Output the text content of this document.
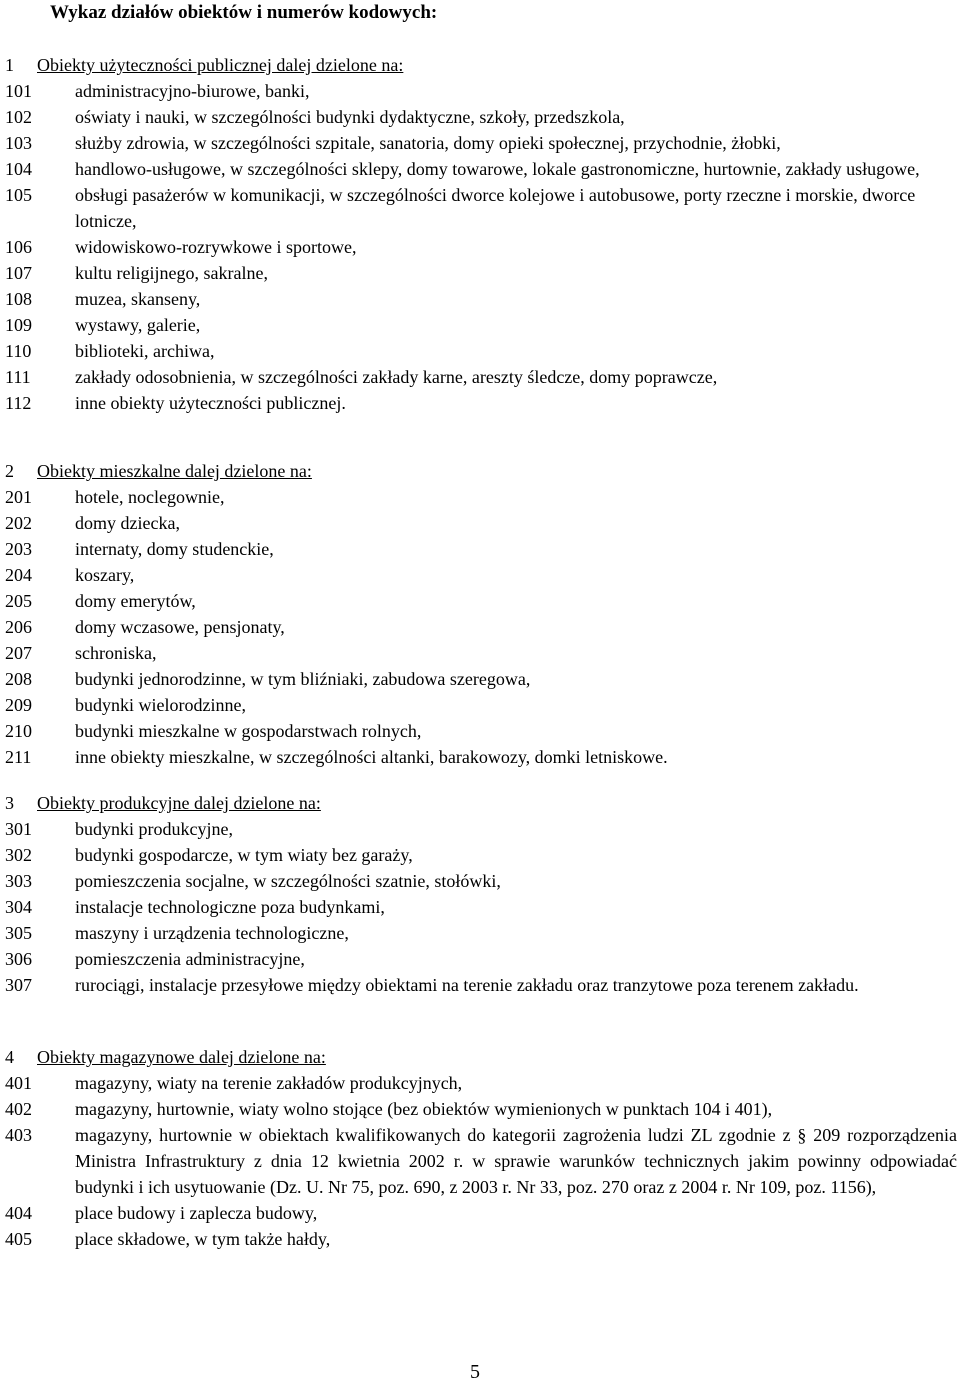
Wykaz działów obiektów i numerów kodowych:
1 Obiekty użyteczności publicznej dalej dzielone na:
101	administracyjno-biurowe, banki,
102	oświaty i nauki, w szczególności budynki dydaktyczne, szkoły, przedszkola,
103	służby zdrowia, w szczególności szpitale, sanatoria, domy opieki społecznej, przychodnie, żłobki,
104	handlowo-usługowe, w szczególności sklepy, domy towarowe, lokale gastronomiczne, hurtownie, zakłady usługowe,
105	obsługi pasażerów w komunikacji, w szczególności dworce kolejowe i autobusowe, porty rzeczne i morskie, dworce lotnicze,
106	widowiskowo-rozrywkowe i sportowe,
107	kultu religijnego, sakralne,
108	muzea, skanseny,
109	wystawy, galerie,
110	biblioteki, archiwa,
111	zakłady odosobnienia, w szczególności zakłady karne, areszty śledcze, domy poprawcze,
112	inne obiekty użyteczności publicznej.
2 Obiekty mieszkalne dalej dzielone na:
201	hotele, noclegownie,
202	domy dziecka,
203	internaty, domy studenckie,
204	koszary,
205	domy emerytów,
206	domy wczasowe, pensjonaty,
207	schroniska,
208	budynki jednorodzinne, w tym bliźniaki, zabudowa szeregowa,
209	budynki wielorodzinne,
210	budynki mieszkalne w gospodarstwach rolnych,
211	inne obiekty mieszkalne, w szczególności altanki, barakowozy, domki letniskowe.
3 Obiekty produkcyjne dalej dzielone na:
301	budynki produkcyjne,
302	budynki gospodarcze, w tym wiaty bez garaży,
303	pomieszczenia socjalne, w szczególności szatnie, stołówki,
304	instalacje technologiczne poza budynkami,
305	maszyny i urządzenia technologiczne,
306	pomieszczenia administracyjne,
307	rurociągi, instalacje przesyłowe między obiektami na terenie zakładu oraz tranzytowe poza terenem zakładu.
4 Obiekty magazynowe dalej dzielone na:
401	magazyny, wiaty na terenie zakładów produkcyjnych,
402	magazyny, hurtownie, wiaty wolno stojące (bez obiektów wymienionych w punktach 104 i 401),
403	magazyny, hurtownie w obiektach kwalifikowanych do kategorii zagrożenia ludzi ZL zgodnie z § 209 rozporządzenia Ministra Infrastruktury z dnia 12 kwietnia 2002 r. w sprawie warunków technicznych jakim powinny odpowiadać budynki i ich usytuowanie (Dz. U. Nr 75, poz. 690, z 2003 r. Nr 33, poz. 270 oraz z 2004 r. Nr 109, poz. 1156),
404	place budowy i zaplecza budowy,
405	place składowe, w tym także hałdy,
5
